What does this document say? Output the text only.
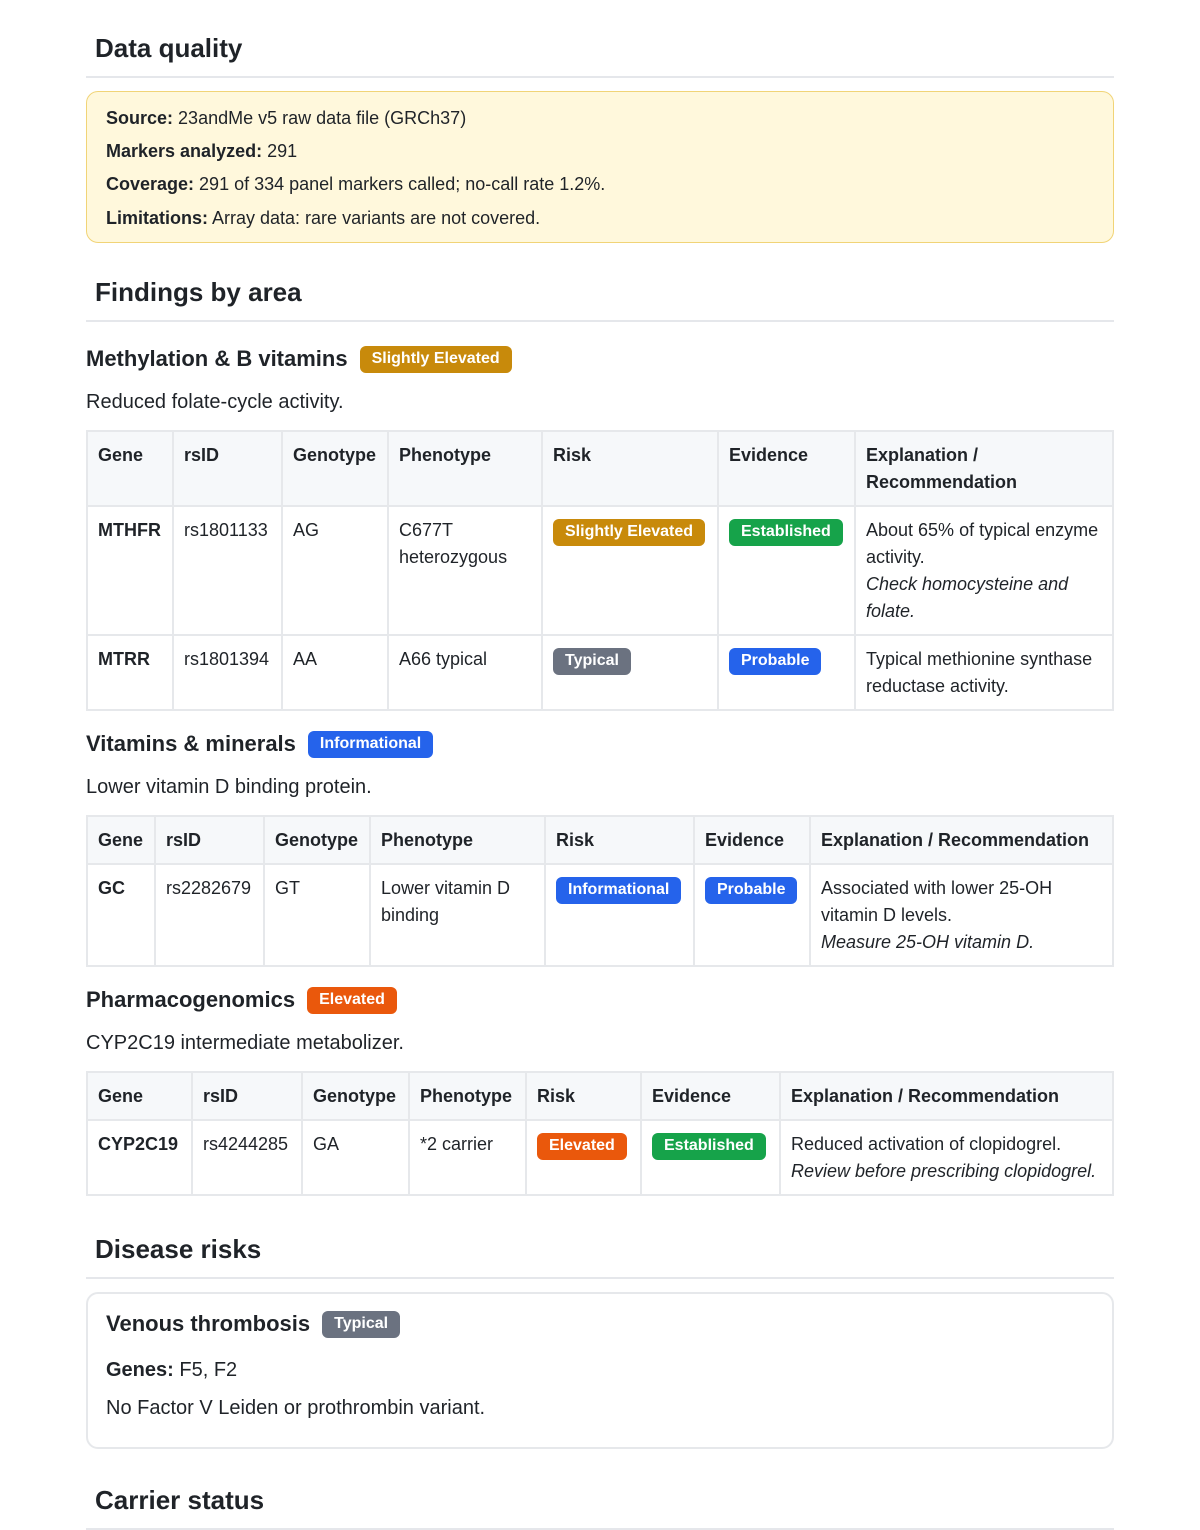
Data quality
Source: 23andMe v5 raw data file (GRCh37)
Markers analyzed: 291
Coverage: 291 of 334 panel markers called; no-call rate 1.2%.
Limitations: Array data: rare variants are not covered.
Findings by area
Methylation & B vitamins	Slightly Elevated
Reduced folate-cycle activity.
Gene	rsID	Genotype	Phenotype	Risk	Evidence	Explanation / Recommendation
MTHFR	rs1801133	AG	C677T heterozygous	Slightly Elevated	Established	About 65% of typical enzyme activity.
Check homocysteine and folate.

MTRR	rs1801394	AA	A66 typical	Typical	Probable	Typical methionine synthase reductase activity.
Vitamins & minerals	Informational
Lower vitamin D binding protein.
Gene	rsID	Genotype	Phenotype	Risk	Evidence	Explanation / Recommendation
GC	rs2282679	GT	Lower vitamin D binding	Informational	Probable	Associated with lower 25-OH vitamin D levels.
Measure 25-OH vitamin D.
Pharmacogenomics	Elevated
CYP2C19 intermediate metabolizer.
Gene	rsID	Genotype	Phenotype	Risk	Evidence	Explanation / Recommendation
CYP2C19	rs4244285	GA	*2 carrier	Elevated	Established	Reduced activation of clopidogrel.
Review before prescribing clopidogrel.
Disease risks
Venous thrombosis	Typical
Genes: F5, F2
No Factor V Leiden or prothrombin variant.
Carrier status
